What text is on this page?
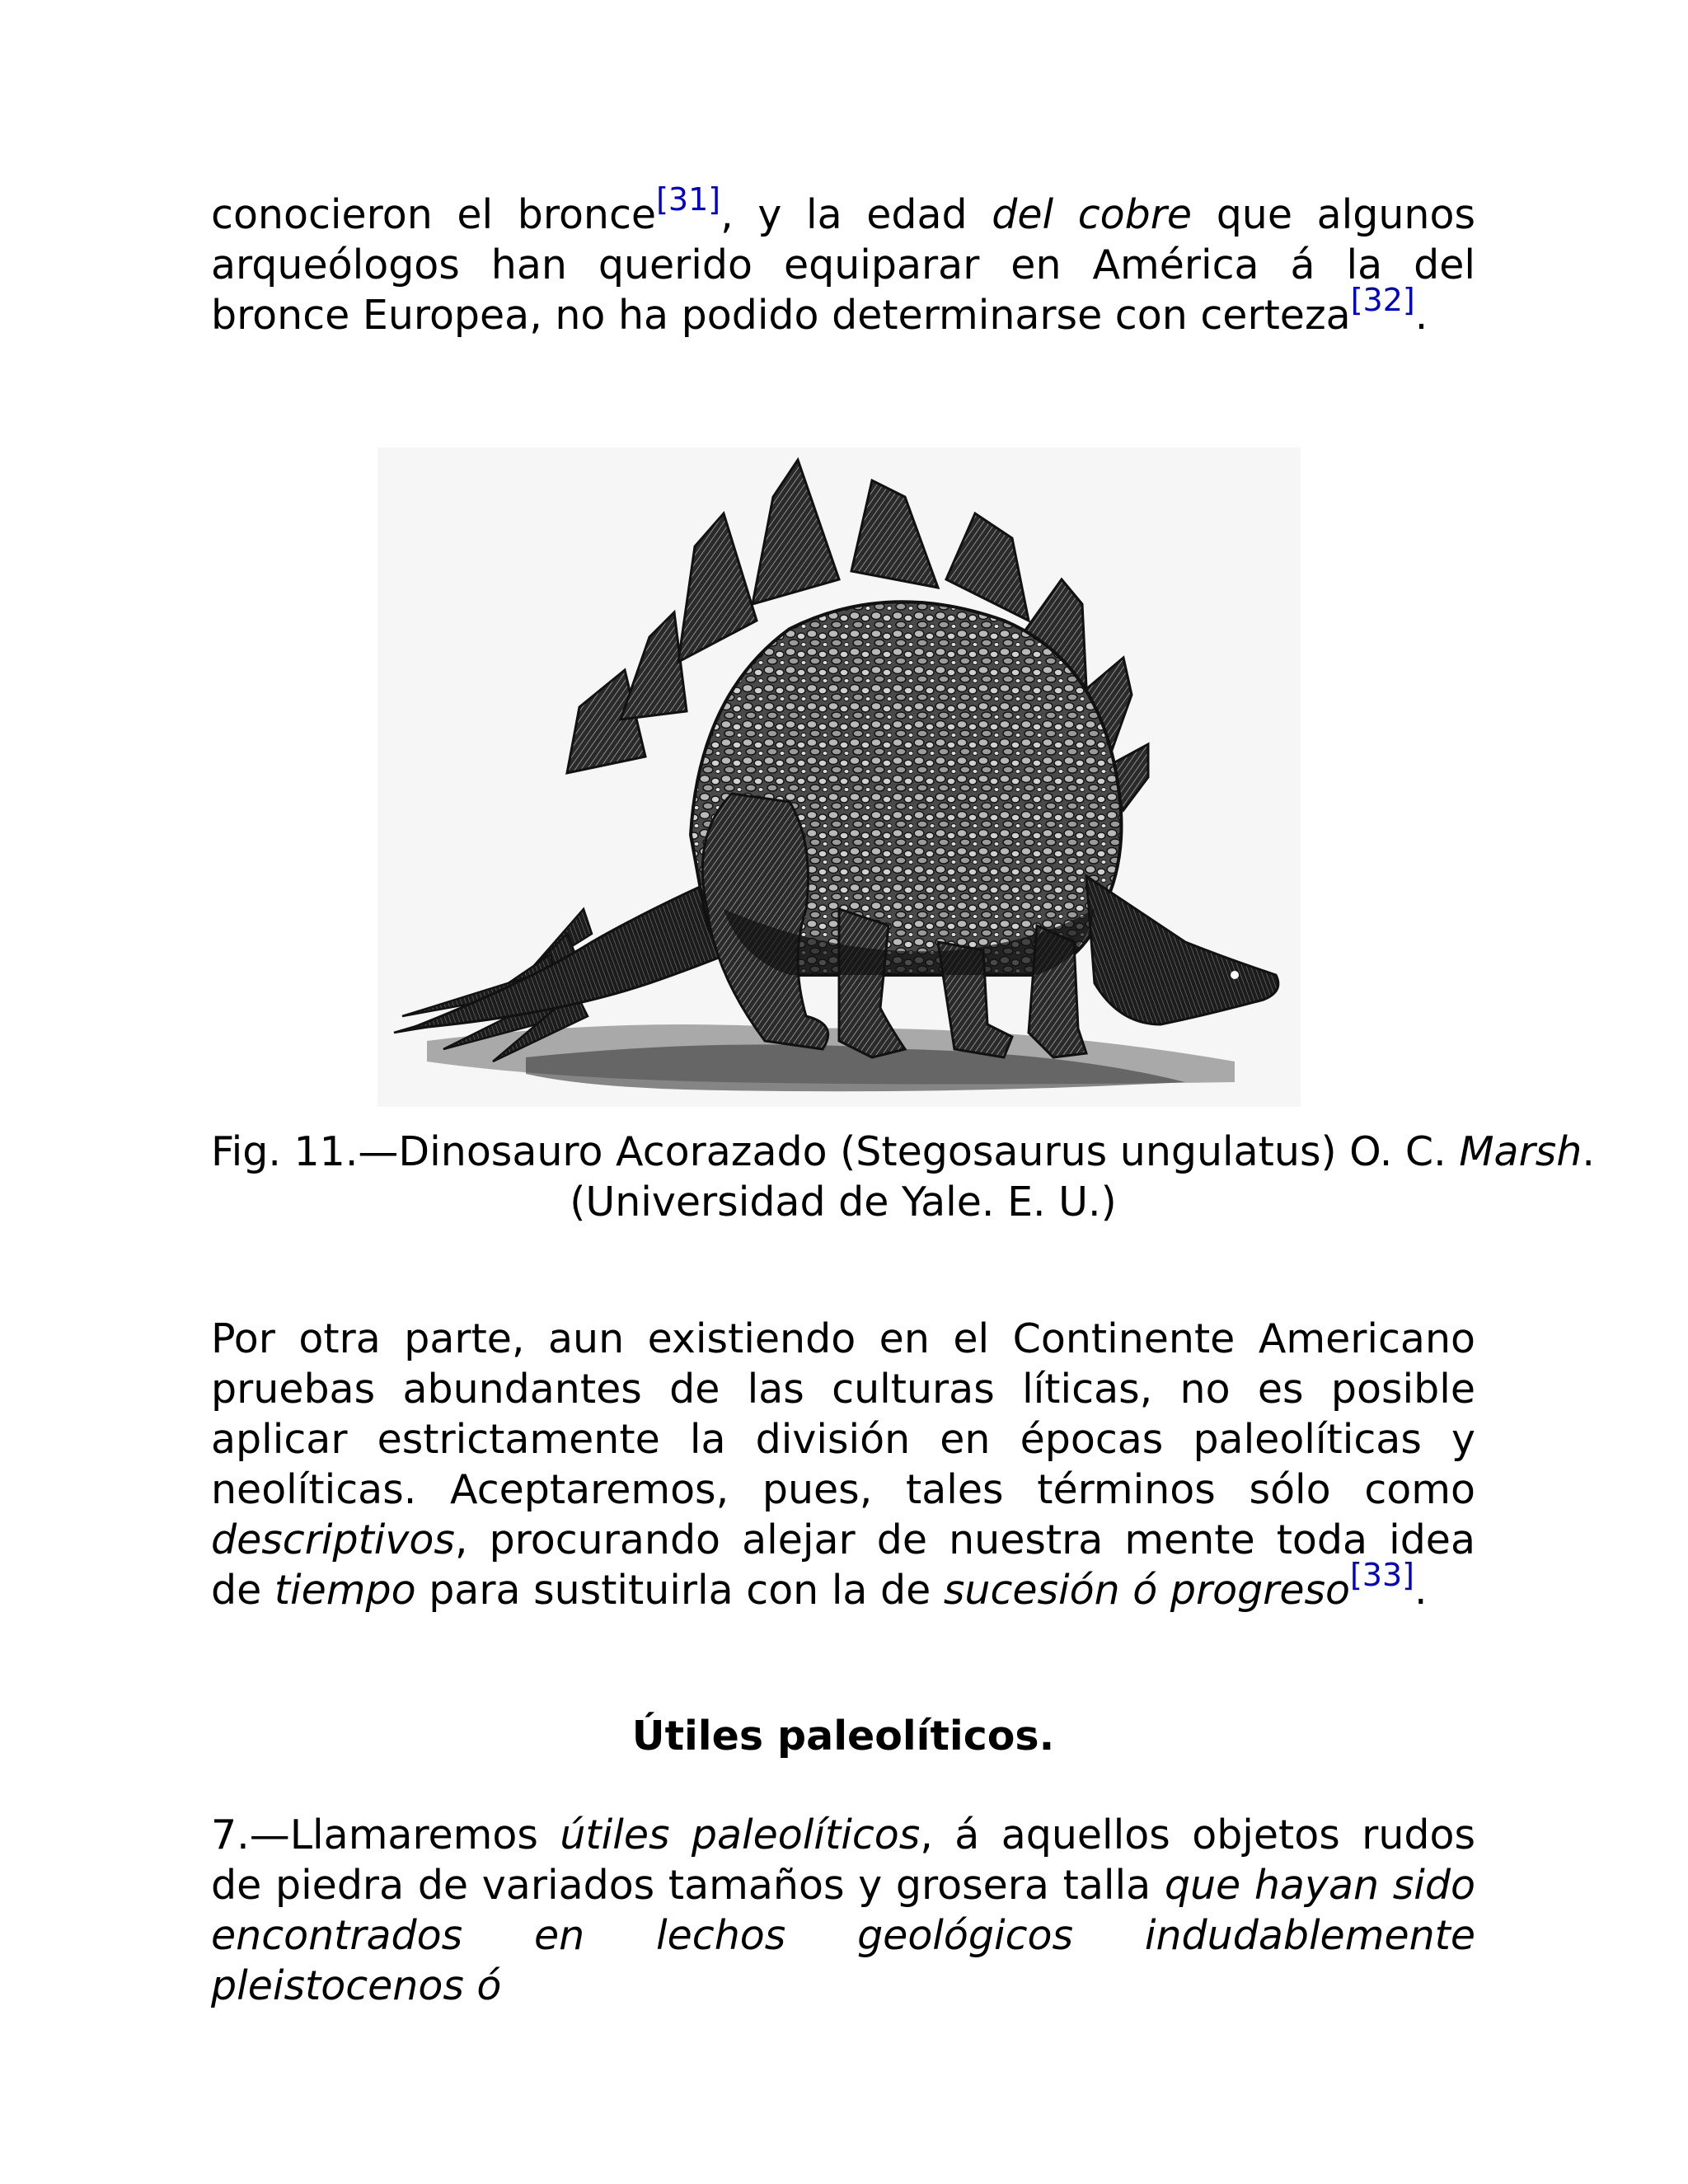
conocieron el bronce[31], y la edad del cobre que algunos arqueólogos han querido equiparar en América á la del bronce Europea, no ha podido determinarse con certeza[32].

Fig. 11.—Dinosauro Acorazado (Stegosaurus ungulatus) O. C. Marsh.
(Universidad de Yale. E. U.)

Por otra parte, aun existiendo en el Continente Americano pruebas abundantes de las culturas líticas, no es posible aplicar estrictamente la división en épocas paleolíticas y neolíticas. Aceptaremos, pues, tales términos sólo como descriptivos, procurando alejar de nuestra mente toda idea de tiempo para sustituirla con la de sucesión ó progreso[33].

Útiles paleolíticos.

7.—Llamaremos útiles paleolíticos, á aquellos objetos rudos de piedra de variados tamaños y grosera talla que hayan sido encontrados en lechos geológicos indudablemente pleistocenos ó
